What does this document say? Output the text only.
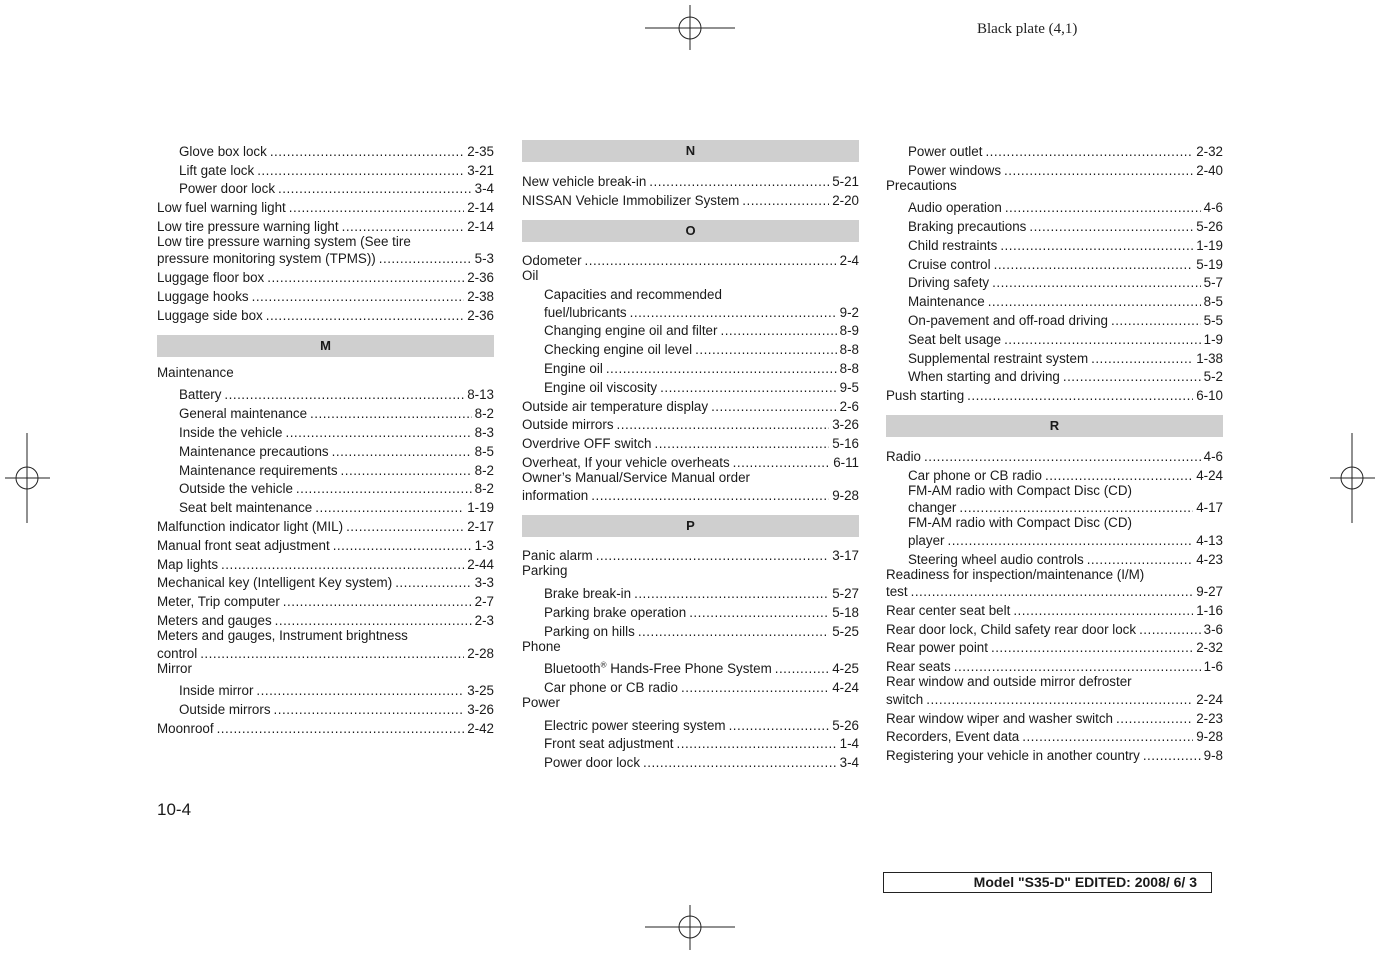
Black plate (4,1)
Glove box lock .....	2-35
Lift gate lock .....	3-21
Power door lock .....	3-4
Low fuel warning light .....	2-14
Low tire pressure warning light .....	2-14
Low tire pressure warning system (See tire
pressure monitoring system (TPMS)) .....	5-3
Luggage floor box .....	2-36
Luggage hooks .....	2-38
Luggage side box .....	2-36
M
Maintenance
Battery .....	8-13
General maintenance .....	8-2
Inside the vehicle .....	8-3
Maintenance precautions .....	8-5
Maintenance requirements .....	8-2
Outside the vehicle .....	8-2
Seat belt maintenance .....	1-19
Malfunction indicator light (MIL) .....	2-17
Manual front seat adjustment .....	1-3
Map lights .....	2-44
Mechanical key (Intelligent Key system) .....	3-3
Meter, Trip computer .....	2-7
Meters and gauges .....	2-3
Meters and gauges, Instrument brightness
control .....	2-28
Mirror
Inside mirror .....	3-25
Outside mirrors .....	3-26
Moonroof .....	2-42
N
New vehicle break-in .....	5-21
NISSAN Vehicle Immobilizer System .....	2-20
O
Odometer .....	2-4
Oil
Capacities and recommended
fuel/lubricants .....	9-2
Changing engine oil and filter .....	8-9
Checking engine oil level .....	8-8
Engine oil .....	8-8
Engine oil viscosity .....	9-5
Outside air temperature display .....	2-6
Outside mirrors .....	3-26
Overdrive OFF switch .....	5-16
Overheat, If your vehicle overheats .....	6-11
Owner’s Manual/Service Manual order
information .....	9-28
P
Panic alarm .....	3-17
Parking
Brake break-in .....	5-27
Parking brake operation .....	5-18
Parking on hills .....	5-25
Phone
Bluetooth® Hands-Free Phone System .....	4-25
Car phone or CB radio .....	4-24
Power
Electric power steering system .....	5-26
Front seat adjustment .....	1-4
Power door lock .....	3-4
Power outlet .....	2-32
Power windows .....	2-40
Precautions
Audio operation .....	4-6
Braking precautions .....	5-26
Child restraints .....	1-19
Cruise control .....	5-19
Driving safety .....	5-7
Maintenance .....	8-5
On-pavement and off-road driving .....	5-5
Seat belt usage .....	1-9
Supplemental restraint system .....	1-38
When starting and driving .....	5-2
Push starting .....	6-10
R
Radio .....	4-6
Car phone or CB radio .....	4-24
FM-AM radio with Compact Disc (CD)
changer .....	4-17
FM-AM radio with Compact Disc (CD)
player .....	4-13
Steering wheel audio controls .....	4-23
Readiness for inspection/maintenance (I/M)
test .....	9-27
Rear center seat belt .....	1-16
Rear door lock, Child safety rear door lock .....	3-6
Rear power point .....	2-32
Rear seats .....	1-6
Rear window and outside mirror defroster
switch .....	2-24
Rear window wiper and washer switch .....	2-23
Recorders, Event data .....	9-28
Registering your vehicle in another country .....	9-8
10-4
Model "S35-D" EDITED: 2008/ 6/ 3
